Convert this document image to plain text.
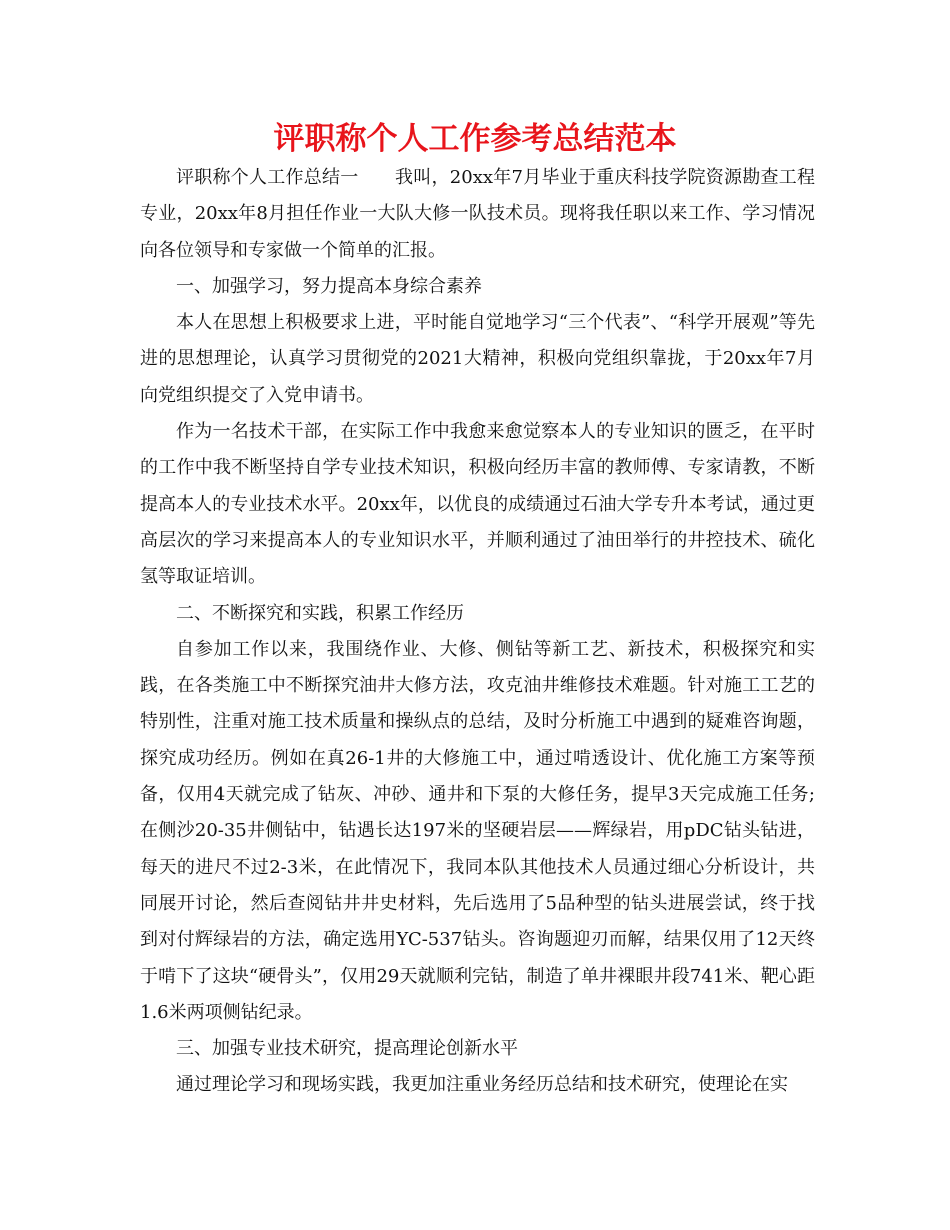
评职称个人工作参考总结范本

评职称个人工作总结一　　我叫，20xx年7月毕业于重庆科技学院资源勘查工程专业，20xx年8月担任作业一大队大修一队技术员。现将我任职以来工作、学习情况向各位领导和专家做一个简单的汇报。

一、加强学习，努力提高本身综合素养

本人在思想上积极要求上进，平时能自觉地学习“三个代表”、“科学开展观”等先进的思想理论，认真学习贯彻党的2021大精神，积极向党组织靠拢，于20xx年7月向党组织提交了入党申请书。

作为一名技术干部，在实际工作中我愈来愈觉察本人的专业知识的匮乏，在平时的工作中我不断坚持自学专业技术知识，积极向经历丰富的教师傅、专家请教，不断提高本人的专业技术水平。20xx年，以优良的成绩通过石油大学专升本考试，通过更高层次的学习来提高本人的专业知识水平，并顺利通过了油田举行的井控技术、硫化氢等取证培训。

二、不断探究和实践，积累工作经历

自参加工作以来，我围绕作业、大修、侧钻等新工艺、新技术，积极探究和实践，在各类施工中不断探究油井大修方法，攻克油井维修技术难题。针对施工工艺的特别性，注重对施工技术质量和操纵点的总结，及时分析施工中遇到的疑难咨询题，探究成功经历。例如在真26-1井的大修施工中，通过啃透设计、优化施工方案等预备，仅用4天就完成了钻灰、冲砂、通井和下泵的大修任务，提早3天完成施工任务;在侧沙20-35井侧钻中，钻遇长达197米的坚硬岩层——辉绿岩，用pDC钻头钻进，每天的进尺不过2-3米，在此情况下，我同本队其他技术人员通过细心分析设计，共同展开讨论，然后查阅钻井井史材料，先后选用了5品种型的钻头进展尝试，终于找到对付辉绿岩的方法，确定选用YC-537钻头。咨询题迎刃而解，结果仅用了12天终于啃下了这块“硬骨头”，仅用29天就顺利完钻，制造了单井裸眼井段741米、靶心距1.6米两项侧钻纪录。

三、加强专业技术研究，提高理论创新水平

通过理论学习和现场实践，我更加注重业务经历总结和技术研究，使理论在实
